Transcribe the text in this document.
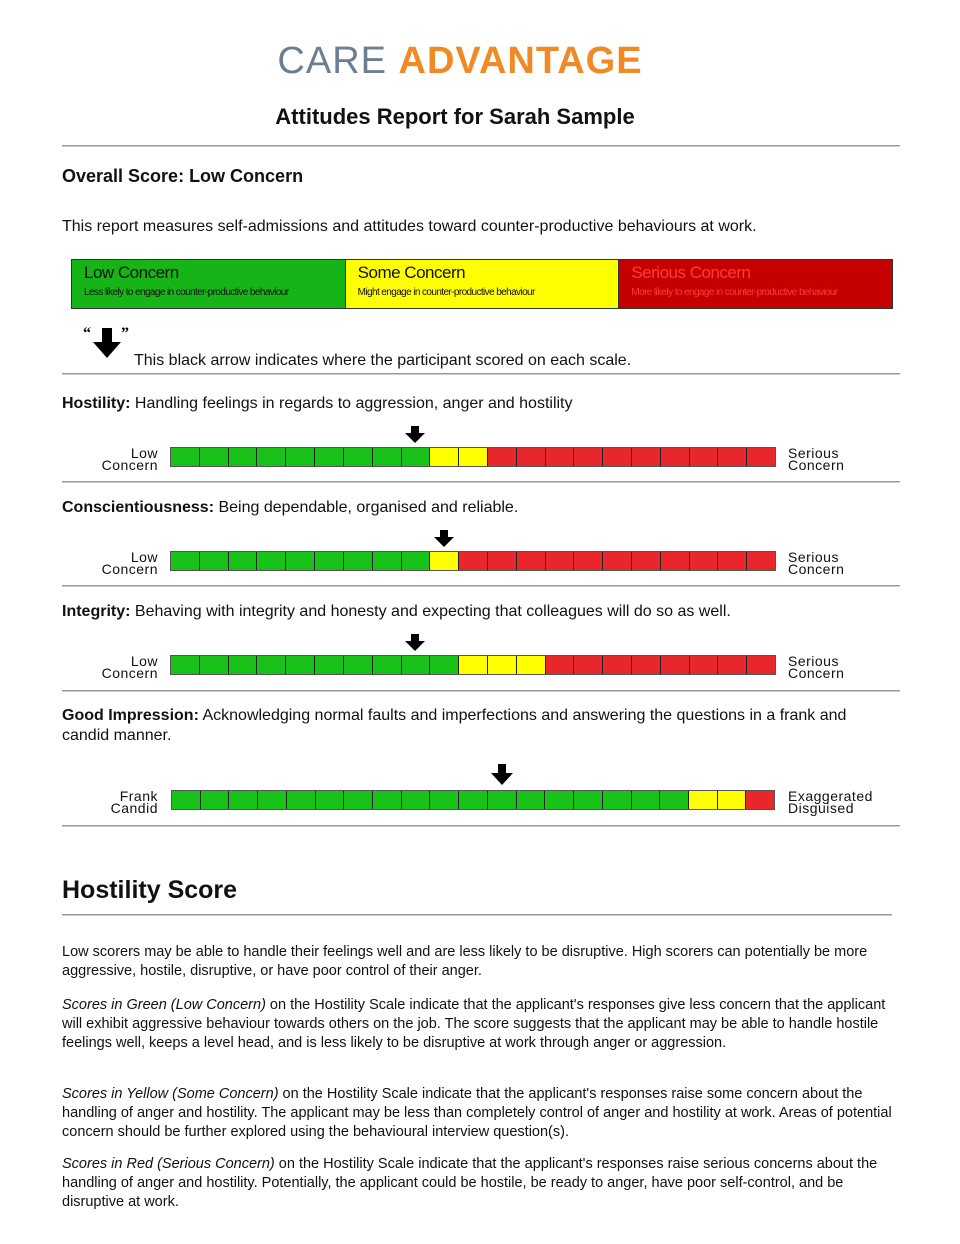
CARE ADVANTAGE
Attitudes Report for Sarah Sample
Overall Score: Low Concern
This report measures self-admissions and attitudes toward counter-productive behaviours at work.
Low Concern
Less likely to engage in counter-productive behaviour
Some Concern
Might engage in counter-productive behaviour
Serious Concern
More likely to engage in counter-productive behaviour
“ ”
This black arrow indicates where the participant scored on each scale.
Hostility: Handling feelings in regards to aggression, anger and hostility
Low
Concern
Serious
Concern
Conscientiousness: Being dependable, organised and reliable.
Low
Concern
Serious
Concern
Integrity: Behaving with integrity and honesty and expecting that colleagues will do so as well.
Low
Concern
Serious
Concern
Good Impression: Acknowledging normal faults and imperfections and answering the questions in a frank and candid manner.
Frank
Candid
Exaggerated
Disguised
Hostility Score
Low scorers may be able to handle their feelings well and are less likely to be disruptive. High scorers can potentially be more aggressive, hostile, disruptive, or have poor control of their anger.
Scores in Green (Low Concern) on the Hostility Scale indicate that the applicant's responses give less concern that the applicant will exhibit aggressive behaviour towards others on the job. The score suggests that the applicant may be able to handle hostile feelings well, keeps a level head, and is less likely to be disruptive at work through anger or aggression.
Scores in Yellow (Some Concern) on the Hostility Scale indicate that the applicant's responses raise some concern about the handling of anger and hostility. The applicant may be less than completely control of anger and hostility at work. Areas of potential concern should be further explored using the behavioural interview question(s).
Scores in Red (Serious Concern) on the Hostility Scale indicate that the applicant's responses raise serious concerns about the handling of anger and hostility. Potentially, the applicant could be hostile, be ready to anger, have poor self-control, and be disruptive at work.
